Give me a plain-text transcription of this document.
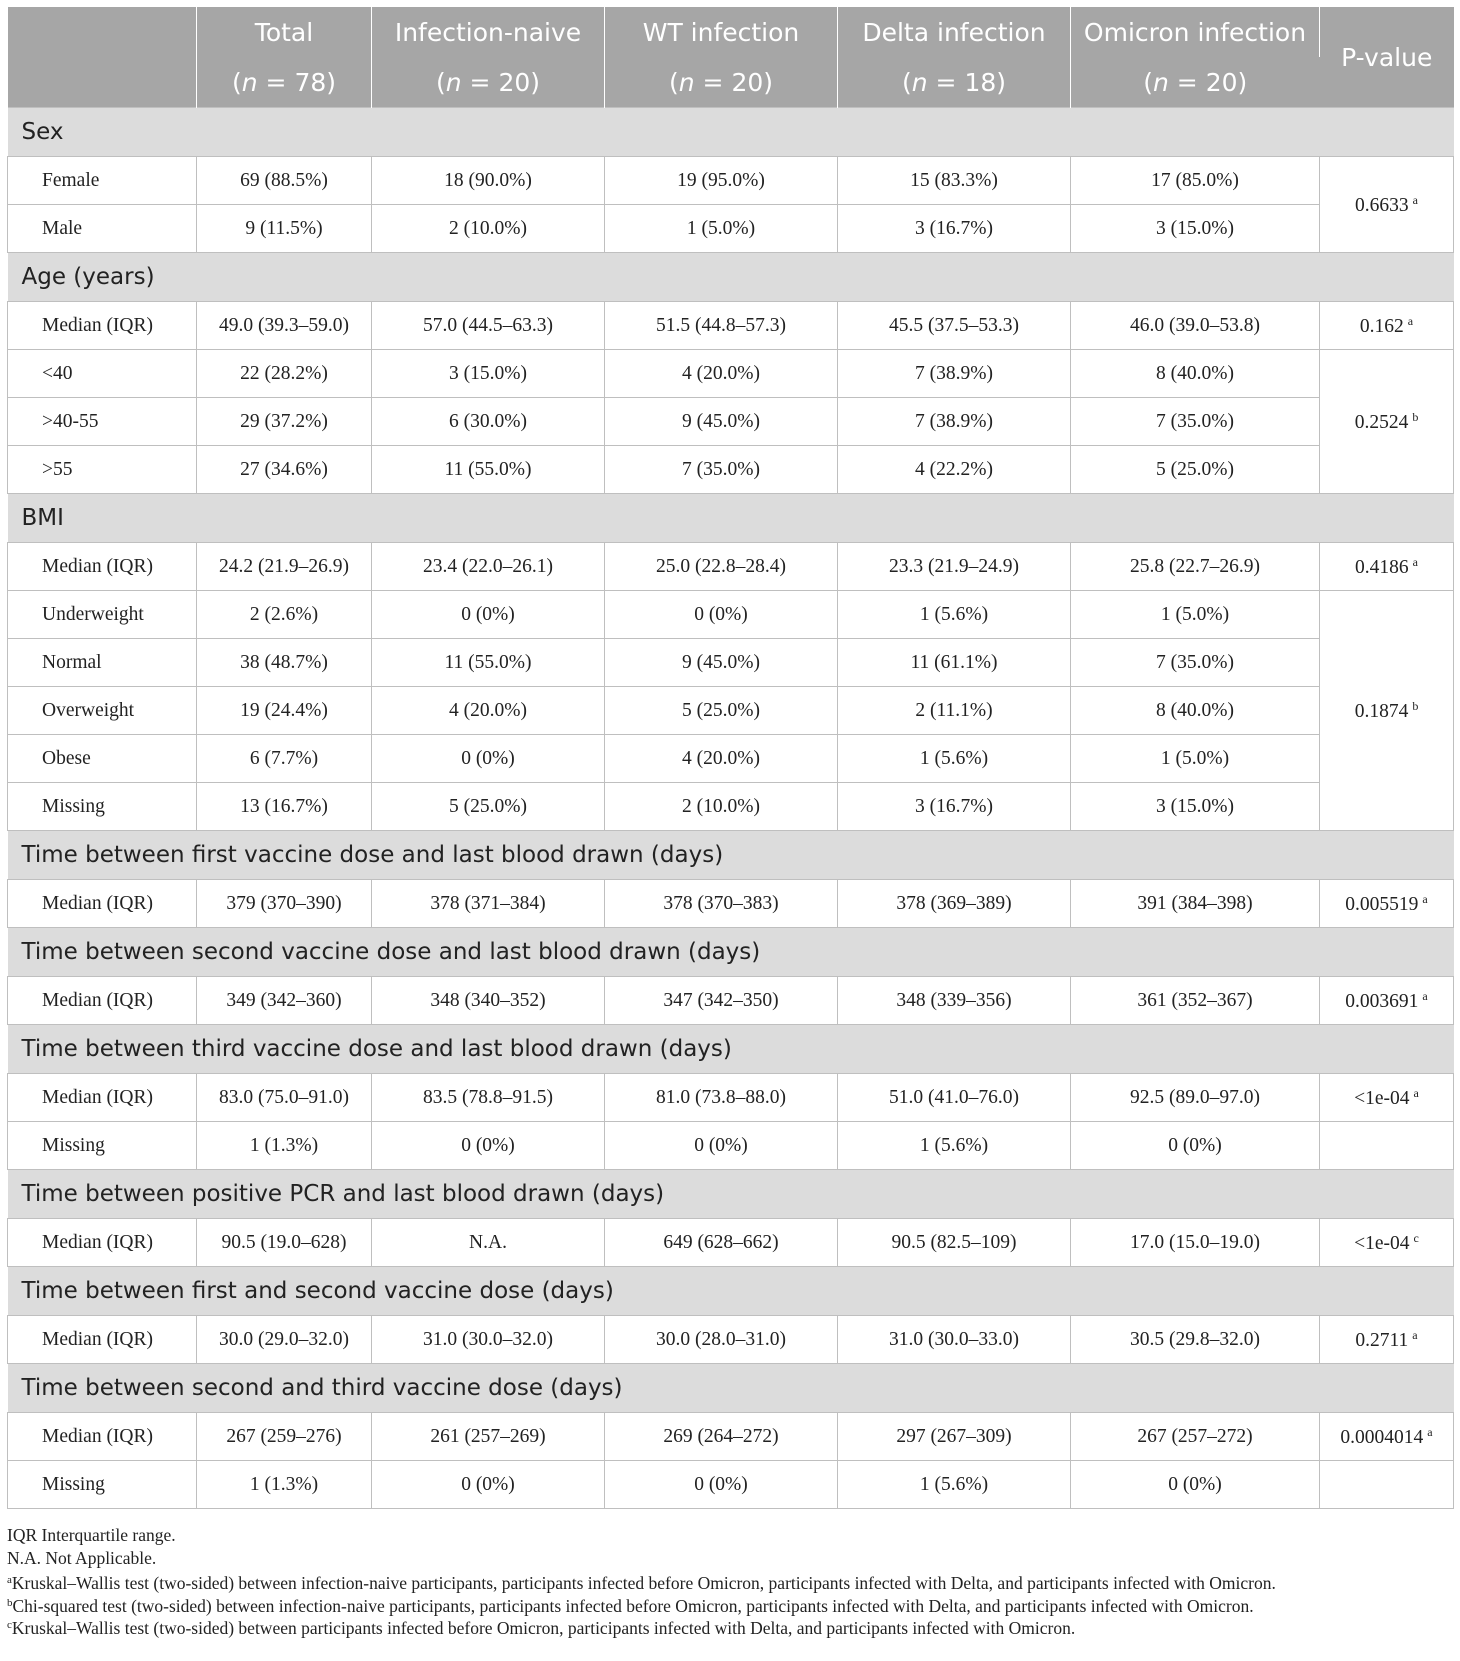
	Total	Infection-naive	WT infection	Delta infection	Omicron infection	P-value
	(n = 78)	(n = 20)	(n = 20)	(n = 18)	(n = 20)	
Sex						
Female	69 (88.5%)	18 (90.0%)	19 (95.0%)	15 (83.3%)	17 (85.0%)	0.6633 $^a$
Male	9 (11.5%)	2 (10.0%)	1 (5.0%)	3 (16.7%)	3 (15.0%)	
Age (years)						
Median (IQR)	49.0 (39.3–59.0)	57.0 (44.5–63.3)	51.5 (44.8–57.3)	45.5 (37.5–53.3)	46.0 (39.0–53.8)	0.162 $^a$
<40	22 (28.2%)	3 (15.0%)	4 (20.0%)	7 (38.9%)	8 (40.0%)	0.2524 $^b$
>40-55	29 (37.2%)	6 (30.0%)	9 (45.0%)	7 (38.9%)	7 (35.0%)	
>55	27 (34.6%)	11 (55.0%)	7 (35.0%)	4 (22.2%)	5 (25.0%)	
BMI						
Median (IQR)	24.2 (21.9–26.9)	23.4 (22.0–26.1)	25.0 (22.8–28.4)	23.3 (21.9–24.9)	25.8 (22.7–26.9)	0.4186 $^a$
Underweight	2 (2.6%)	0 (0%)	0 (0%)	1 (5.6%)	1 (5.0%)	0.1874 $^b$
Normal	38 (48.7%)	11 (55.0%)	9 (45.0%)	11 (61.1%)	7 (35.0%)	
Overweight	19 (24.4%)	4 (20.0%)	5 (25.0%)	2 (11.1%)	8 (40.0%)	
Obese	6 (7.7%)	0 (0%)	4 (20.0%)	1 (5.6%)	1 (5.0%)	
Missing	13 (16.7%)	5 (25.0%)	2 (10.0%)	3 (16.7%)	3 (15.0%)	
Time between first vaccine dose and last blood drawn (days)						
Median (IQR)	379 (370–390)	378 (371–384)	378 (370–383)	378 (369–389)	391 (384–398)	0.005519 $^a$
Time between second vaccine dose and last blood drawn (days)						
Median (IQR)	349 (342–360)	348 (340–352)	347 (342–350)	348 (339–356)	361 (352–367)	0.003691 $^a$
Time between third vaccine dose and last blood drawn (days)						
Median (IQR)	83.0 (75.0–91.0)	83.5 (78.8–91.5)	81.0 (73.8–88.0)	51.0 (41.0–76.0)	92.5 (89.0–97.0)	<1e-04 $^a$
Missing	1 (1.3%)	0 (0%)	0 (0%)	1 (5.6%)	0 (0%)	
Time between positive PCR and last blood drawn (days)						
Median (IQR)	90.5 (19.0–628)	N.A.	649 (628–662)	90.5 (82.5–109)	17.0 (15.0–19.0)	<1e-04 $^c$
Time between first and second vaccine dose (days)						
Median (IQR)	30.0 (29.0–32.0)	31.0 (30.0–32.0)	30.0 (28.0–31.0)	31.0 (30.0–33.0)	30.5 (29.8–32.0)	0.2711 $^a$
Time between second and third vaccine dose (days)						
Median (IQR)	267 (259–276)	261 (257–269)	269 (264–272)	297 (267–309)	267 (257–272)	0.0004014 $^a$
Missing	1 (1.3%)	0 (0%)	0 (0%)	1 (5.6%)	0 (0%)	

IQR Interquartile range.

N.A. Not Applicable.

$^a$Kruskal–Wallis test (two-sided) between infection-naive participants, participants infected before Omicron, participants infected with Delta, and participants infected with Omicron.

$^b$Chi-squared test (two-sided) between infection-naive participants, participants infected before Omicron, participants infected with Delta, and participants infected with Omicron.

$^c$Kruskal–Wallis test (two-sided) between participants infected before Omicron, participants infected with Delta, and participants infected with Omicron.
